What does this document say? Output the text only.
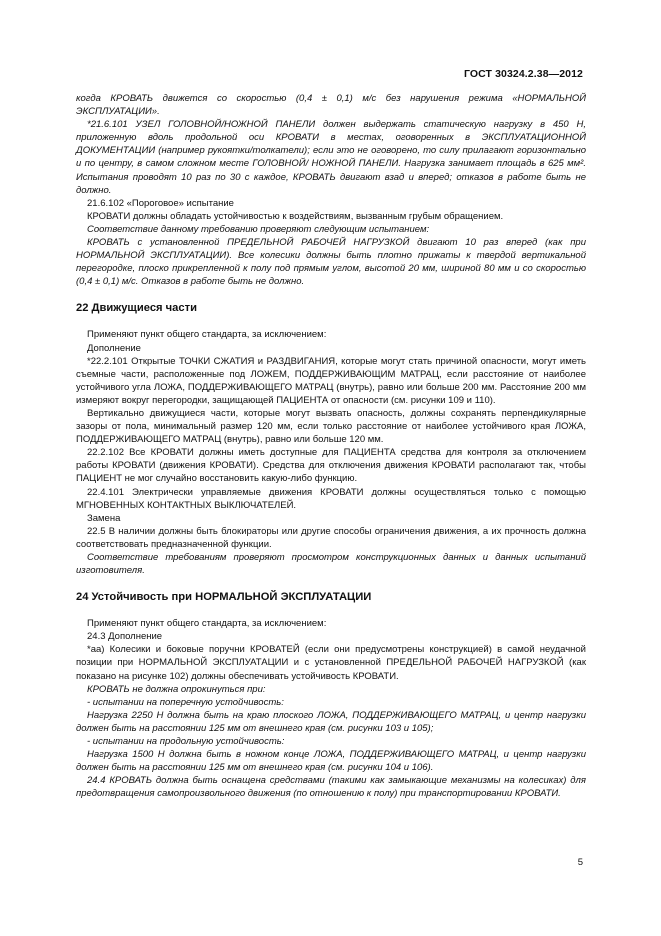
ГОСТ 30324.2.38—2012

когда КРОВАТЬ движется со скоростью (0,4 ± 0,1) м/с без нарушения режима «НОРМАЛЬНОЙ ЭКСПЛУАТАЦИИ».

*21.6.101 УЗЕЛ ГОЛОВНОЙ/НОЖНОЙ ПАНЕЛИ должен выдержать статическую нагрузку в 450 Н, приложенную вдоль продольной оси КРОВАТИ в местах, оговоренных в ЭКСПЛУАТАЦИОННОЙ ДОКУМЕНТАЦИИ (например рукоятки/толкатели); если это не оговорено, то силу прилагают горизонтально и по центру, в самом сложном месте ГОЛОВНОЙ/ НОЖНОЙ ПАНЕЛИ. Нагрузка занимает площадь в 625 мм². Испытания проводят 10 раз по 30 с каждое, КРОВАТЬ двигают взад и вперед; отказов в работе быть не должно.

21.6.102 «Пороговое» испытание

КРОВАТИ должны обладать устойчивостью к воздействиям, вызванным грубым обращением.

Соответствие данному требованию проверяют следующим испытанием:

КРОВАТЬ с установленной ПРЕДЕЛЬНОЙ РАБОЧЕЙ НАГРУЗКОЙ двигают 10 раз вперед (как при НОРМАЛЬНОЙ ЭКСПЛУАТАЦИИ). Все колесики должны быть плотно прижаты к твердой вертикальной перегородке, плоско прикрепленной к полу под прямым углом, высотой 20 мм, шириной 80 мм и со скоростью (0,4 ± 0,1) м/с. Отказов в работе быть не должно.

22 Движущиеся части

Применяют пункт общего стандарта, за исключением:

Дополнение

*22.2.101 Открытые ТОЧКИ СЖАТИЯ и РАЗДВИГАНИЯ, которые могут стать причиной опасности, могут иметь съемные части, расположенные под ЛОЖЕМ, ПОДДЕРЖИВАЮЩИМ МАТРАЦ, если расстояние от наиболее устойчивого угла ЛОЖА, ПОДДЕРЖИВАЮЩЕГО МАТРАЦ (внутрь), равно или больше 200 мм. Расстояние 200 мм измеряют вокруг перегородки, защищающей ПАЦИЕНТА от опасности (см. рисунки 109 и 110).

Вертикально движущиеся части, которые могут вызвать опасность, должны сохранять перпендикулярные зазоры от пола, минимальный размер 120 мм, если только расстояние от наиболее устойчивого края ЛОЖА, ПОДДЕРЖИВАЮЩЕГО МАТРАЦ (внутрь), равно или больше 120 мм.

22.2.102 Все КРОВАТИ должны иметь доступные для ПАЦИЕНТА средства для контроля за отключением работы КРОВАТИ (движения КРОВАТИ). Средства для отключения движения КРОВАТИ располагают так, чтобы ПАЦИЕНТ не мог случайно восстановить какую-либо функцию.

22.4.101 Электрически управляемые движения КРОВАТИ должны осуществляться только с помощью МГНОВЕННЫХ КОНТАКТНЫХ ВЫКЛЮЧАТЕЛЕЙ.

Замена

22.5 В наличии должны быть блокираторы или другие способы ограничения движения, а их прочность должна соответствовать предназначенной функции.

Соответствие требованиям проверяют просмотром конструкционных данных и данных испытаний изготовителя.

24 Устойчивость при НОРМАЛЬНОЙ ЭКСПЛУАТАЦИИ

Применяют пункт общего стандарта, за исключением:

24.3 Дополнение

*аа) Колесики и боковые поручни КРОВАТЕЙ (если они предусмотрены конструкцией) в самой неудачной позиции при НОРМАЛЬНОЙ ЭКСПЛУАТАЦИИ и с установленной ПРЕДЕЛЬНОЙ РАБОЧЕЙ НАГРУЗКОЙ (как показано на рисунке 102) должны обеспечивать устойчивость КРОВАТИ.

КРОВАТЬ не должна опрокинуться при:

- испытании на поперечную устойчивость:

Нагрузка 2250 Н должна быть на краю плоского ЛОЖА, ПОДДЕРЖИВАЮЩЕГО МАТРАЦ, и центр нагрузки должен быть на расстоянии 125 мм от внешнего края (см. рисунки 103 и 105);

- испытании на продольную устойчивость:

Нагрузка 1500 Н должна быть в ножном конце ЛОЖА, ПОДДЕРЖИВАЮЩЕГО МАТРАЦ, и центр нагрузки должен быть на расстоянии 125 мм от внешнего края (см. рисунки 104 и 106).

24.4 КРОВАТЬ должна быть оснащена средствами (такими как замыкающие механизмы на колесиках) для предотвращения самопроизвольного движения (по отношению к полу) при транспортировании КРОВАТИ.

5
